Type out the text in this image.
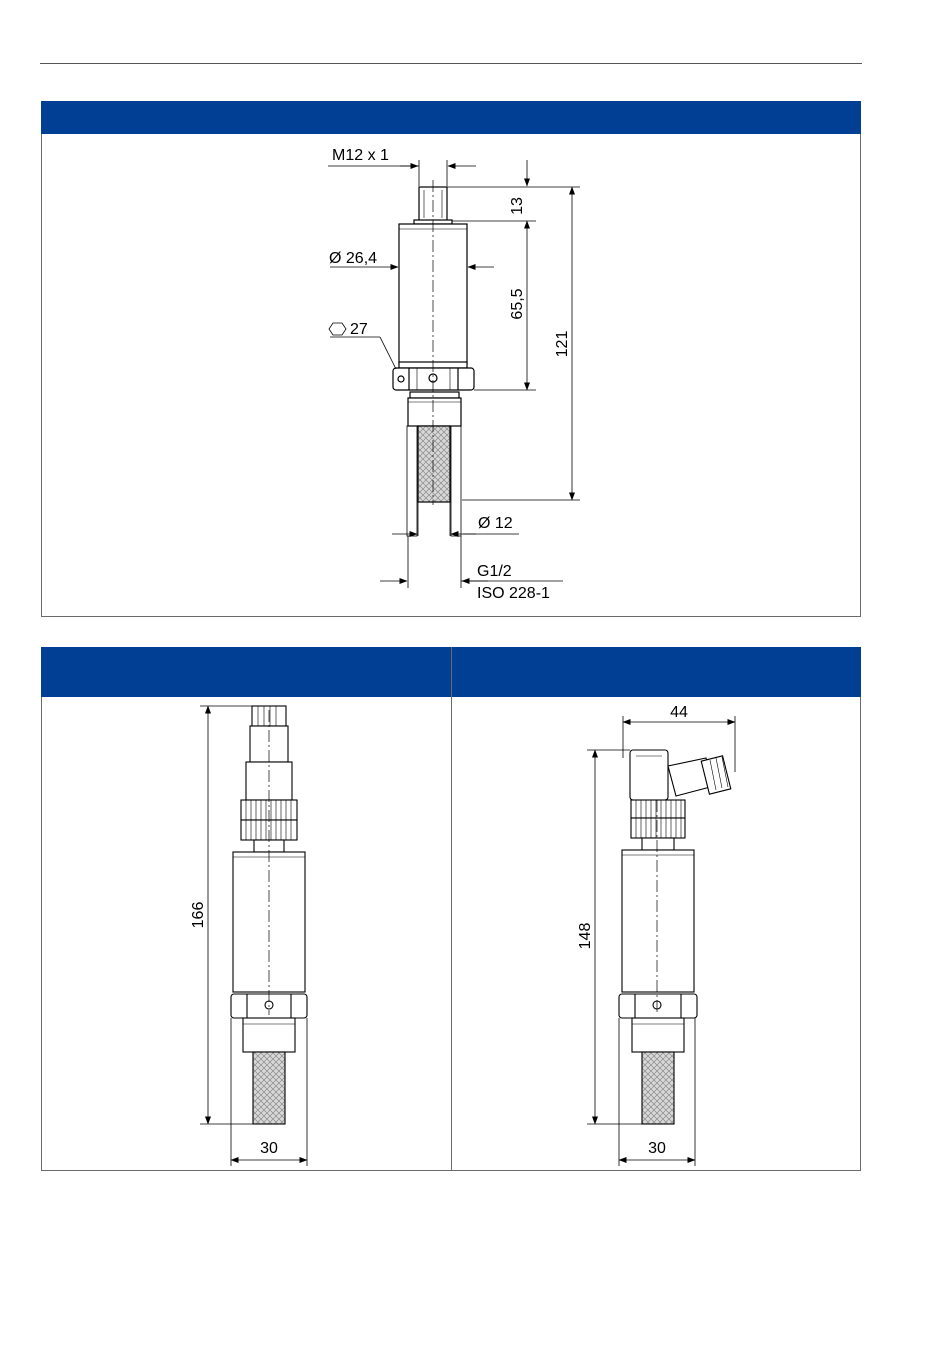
M12 x 1
Ø 26,4
27
Ø 12
G1/2
ISO 228-1
13
65,5
121
166
30
148
44
30
